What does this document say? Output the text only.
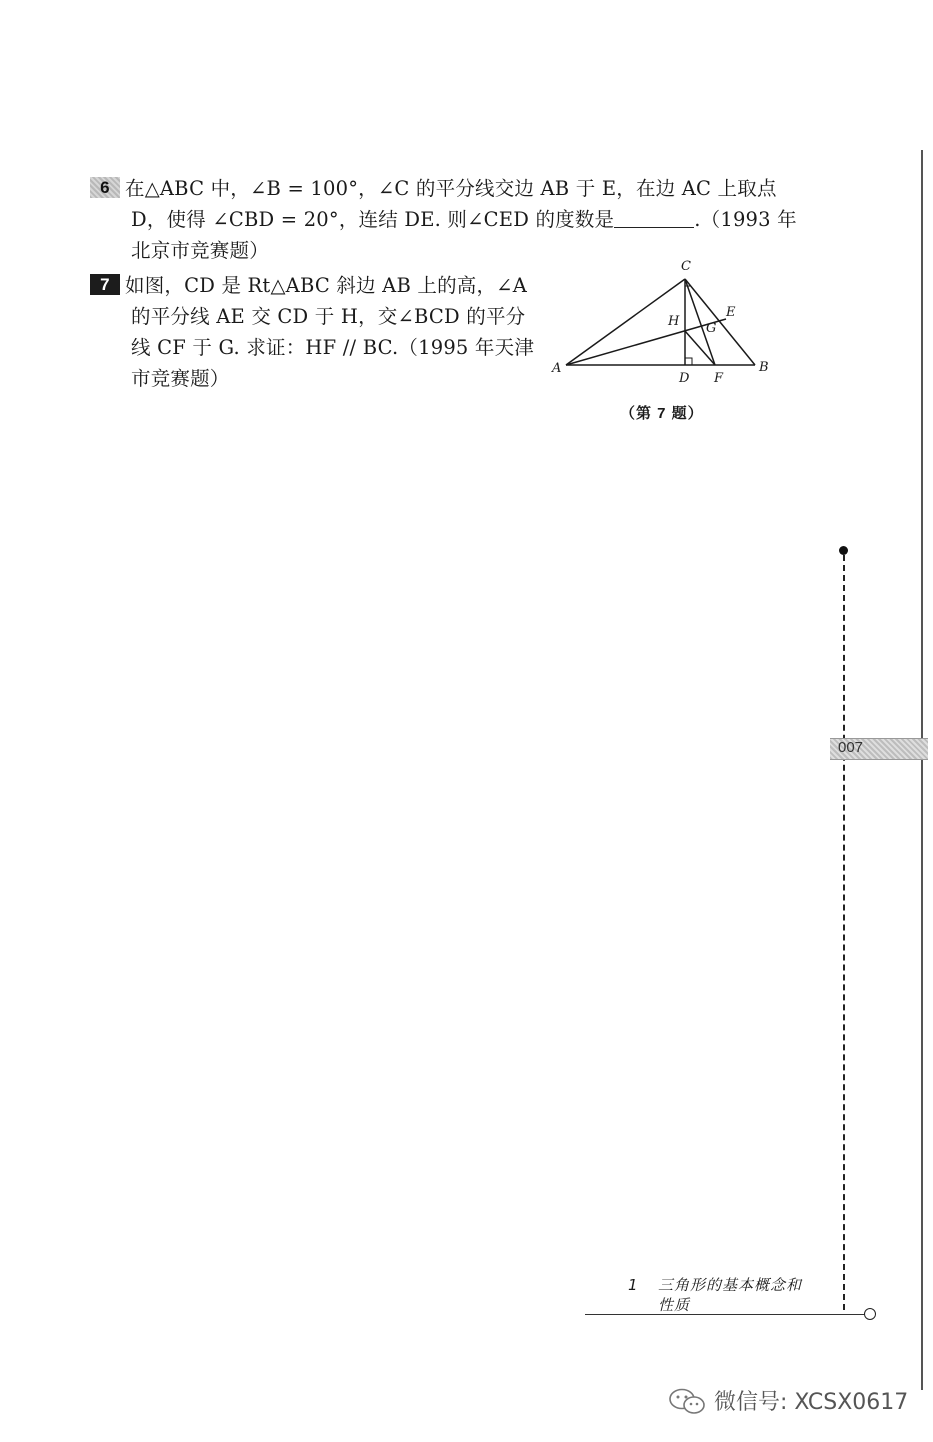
6 在△ABC 中，∠B = 100°，∠C 的平分线交边 AB 于 E，在边 AC 上取点
D，使得 ∠CBD = 20°，连结 DE. 则∠CED 的度数是	.（1993 年
北京市竞赛题）
7 如图，CD 是 Rt△ABC 斜边 AB 上的高，∠A
的平分线 AE 交 CD 于 H，交∠BCD 的平分
线 CF 于 G. 求证：HF // BC.（1995 年天津
市竞赛题）	A	B
C
D
E
F
G
H
（第 7 题）
007
1 三角形的基本概念和
性质
微信号: XCSX0617
